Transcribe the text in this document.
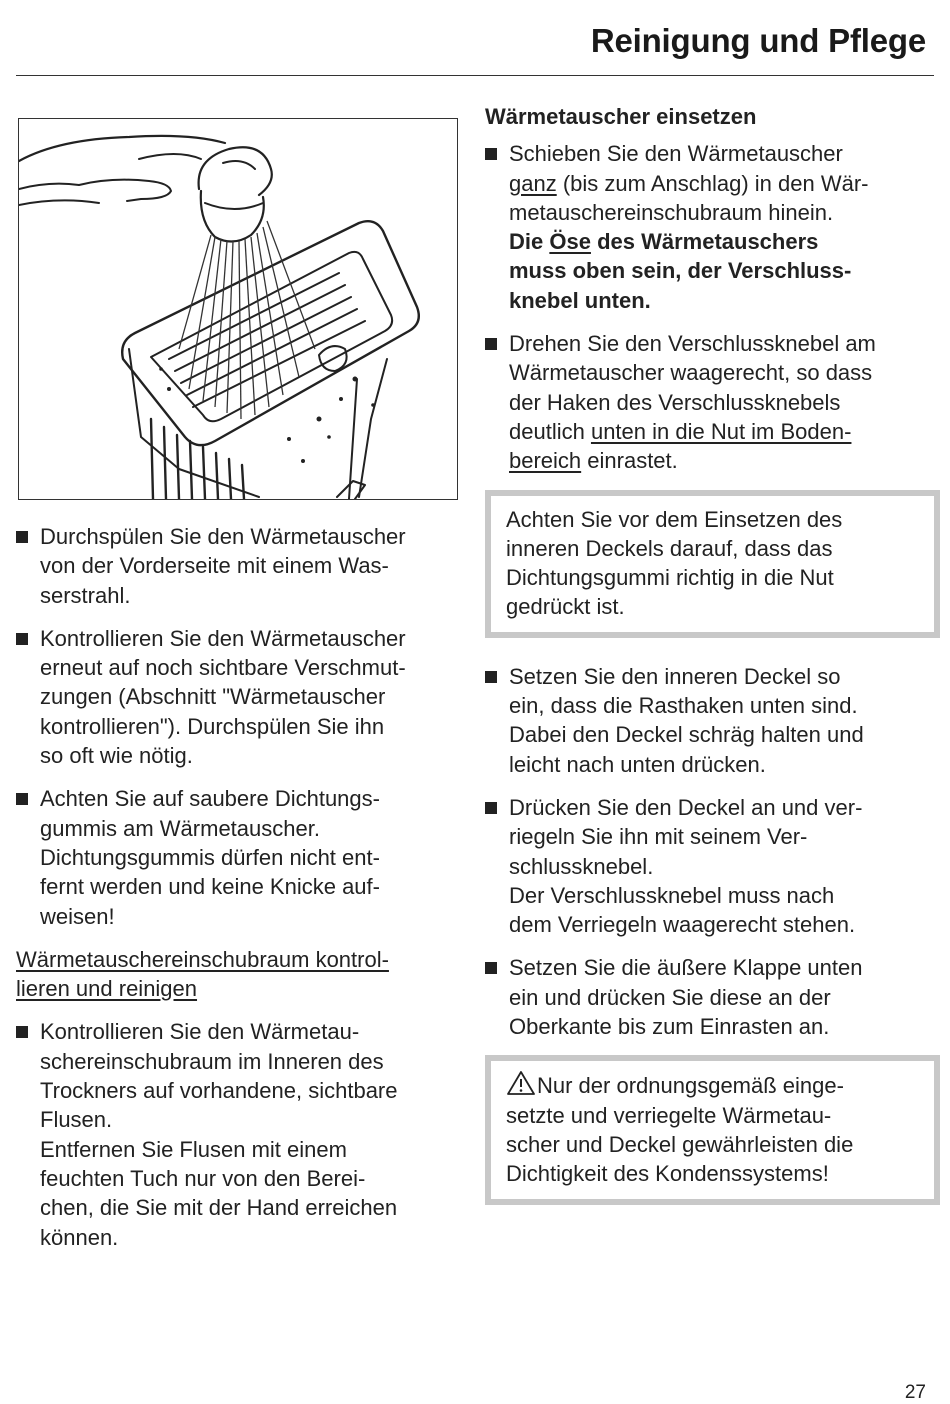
Reinigung und Pflege
Durchspülen Sie den Wärmetauscher
von der Vorderseite mit einem Was-
serstrahl.
Kontrollieren Sie den Wärmetauscher
erneut auf noch sichtbare Verschmut-
zungen (Abschnitt "Wärmetauscher
kontrollieren"). Durchspülen Sie ihn
so oft wie nötig.
Achten Sie auf saubere Dichtungs-
gummis am Wärmetauscher.
Dichtungsgummis dürfen nicht ent-
fernt werden und keine Knicke auf-
weisen!
Wärmetauschereinschubraum kontrol-
lieren und reinigen
Kontrollieren Sie den Wärmetau-
schereinschubraum im Inneren des
Trockners auf vorhandene, sichtbare
Flusen.
Entfernen Sie Flusen mit einem
feuchten Tuch nur von den Berei-
chen, die Sie mit der Hand erreichen
können.
Wärmetauscher einsetzen
Schieben Sie den Wärmetauscher
ganz (bis zum Anschlag) in den Wär-
metauschereinschubraum hinein.
Die Öse des Wärmetauschers
muss oben sein, der Verschluss-
knebel unten.
Drehen Sie den Verschlussknebel am
Wärmetauscher waagerecht, so dass
der Haken des Verschlussknebels
deutlich unten in die Nut im Boden-
bereich einrastet.
Achten Sie vor dem Einsetzen des
inneren Deckels darauf, dass das
Dichtungsgummi richtig in die Nut
gedrückt ist.
Setzen Sie den inneren Deckel so
ein, dass die Rasthaken unten sind.
Dabei den Deckel schräg halten und
leicht nach unten drücken.
Drücken Sie den Deckel an und ver-
riegeln Sie ihn mit seinem Ver-
schlussknebel.
Der Verschlussknebel muss nach
dem Verriegeln waagerecht stehen.
Setzen Sie die äußere Klappe unten
ein und drücken Sie diese an der
Oberkante bis zum Einrasten an.
Nur der ordnungsgemäß einge-
setzte und verriegelte Wärmetau-
scher und Deckel gewährleisten die
Dichtigkeit des Kondenssystems!
27
